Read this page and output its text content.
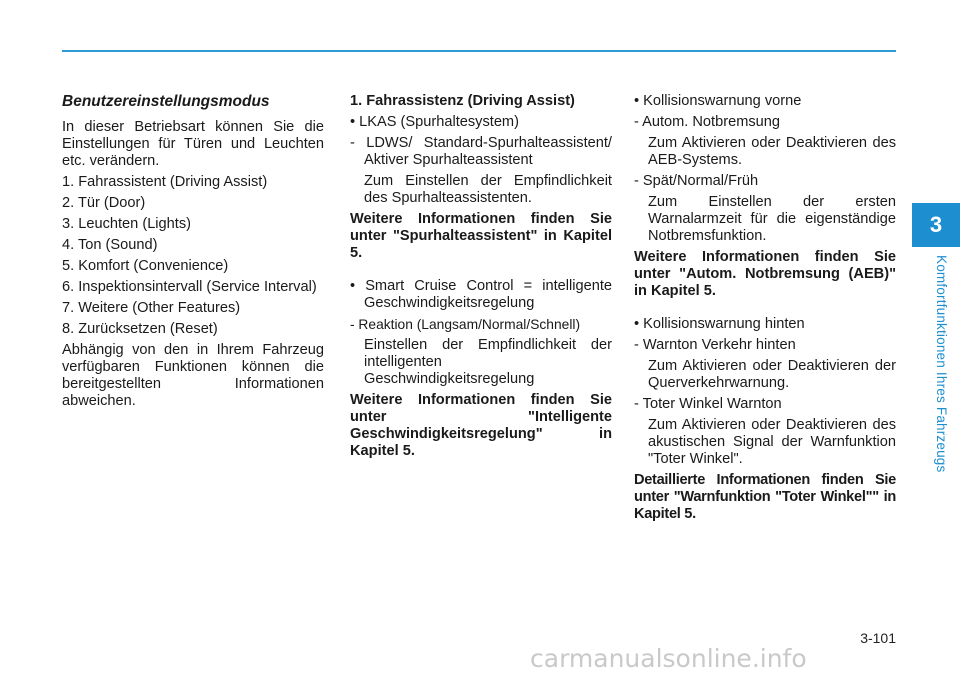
3
Komfortfunktionen Ihres Fahrzeugs

Benutzereinstellungsmodus

In dieser Betriebsart können Sie die Einstellungen für Türen und Leuchten etc. verändern.

1. Fahrassistent (Driving Assist)

2. Tür (Door)

3. Leuchten (Lights)

4. Ton (Sound)

5. Komfort (Convenience)

6. Inspektionsintervall (Service Interval)

7. Weitere (Other Features)

8. Zurücksetzen (Reset)

Abhängig von den in Ihrem Fahrzeug verfügbaren Funktionen können die bereitgestellten Informationen abweichen.

1. Fahrassistenz (Driving Assist)

• LKAS (Spurhaltesystem)

- LDWS/ Standard-Spurhalteassistent/ Aktiver Spurhalteassistent

Zum Einstellen der Empfindlichkeit des Spurhalteassistenten.

Weitere Informationen finden Sie unter "Spurhalteassistent" in Kapitel 5.

• Smart Cruise Control = intelligente Geschwindigkeitsregelung

- Reaktion (Langsam/Normal/Schnell)

Einstellen der Empfindlichkeit der intelligenten Geschwindigkeitsregelung

Weitere Informationen finden Sie unter "Intelligente Geschwindigkeitsregelung" in Kapitel 5.

• Kollisionswarnung vorne

- Autom. Notbremsung

Zum Aktivieren oder Deaktivieren des AEB-Systems.

- Spät/Normal/Früh

Zum Einstellen der ersten Warnalarmzeit für die eigenständige Notbremsfunktion.

Weitere Informationen finden Sie unter "Autom. Notbremsung (AEB)" in Kapitel 5.

• Kollisionswarnung hinten

- Warnton Verkehr hinten

Zum Aktivieren oder Deaktivieren der Querverkehrwarnung.

- Toter Winkel Warnton

Zum Aktivieren oder Deaktivieren des akustischen Signal der Warnfunktion "Toter Winkel".

Detaillierte Informationen finden Sie unter "Warnfunktion "Toter Winkel"" in Kapitel 5.

3-101
carmanualsonline.info
